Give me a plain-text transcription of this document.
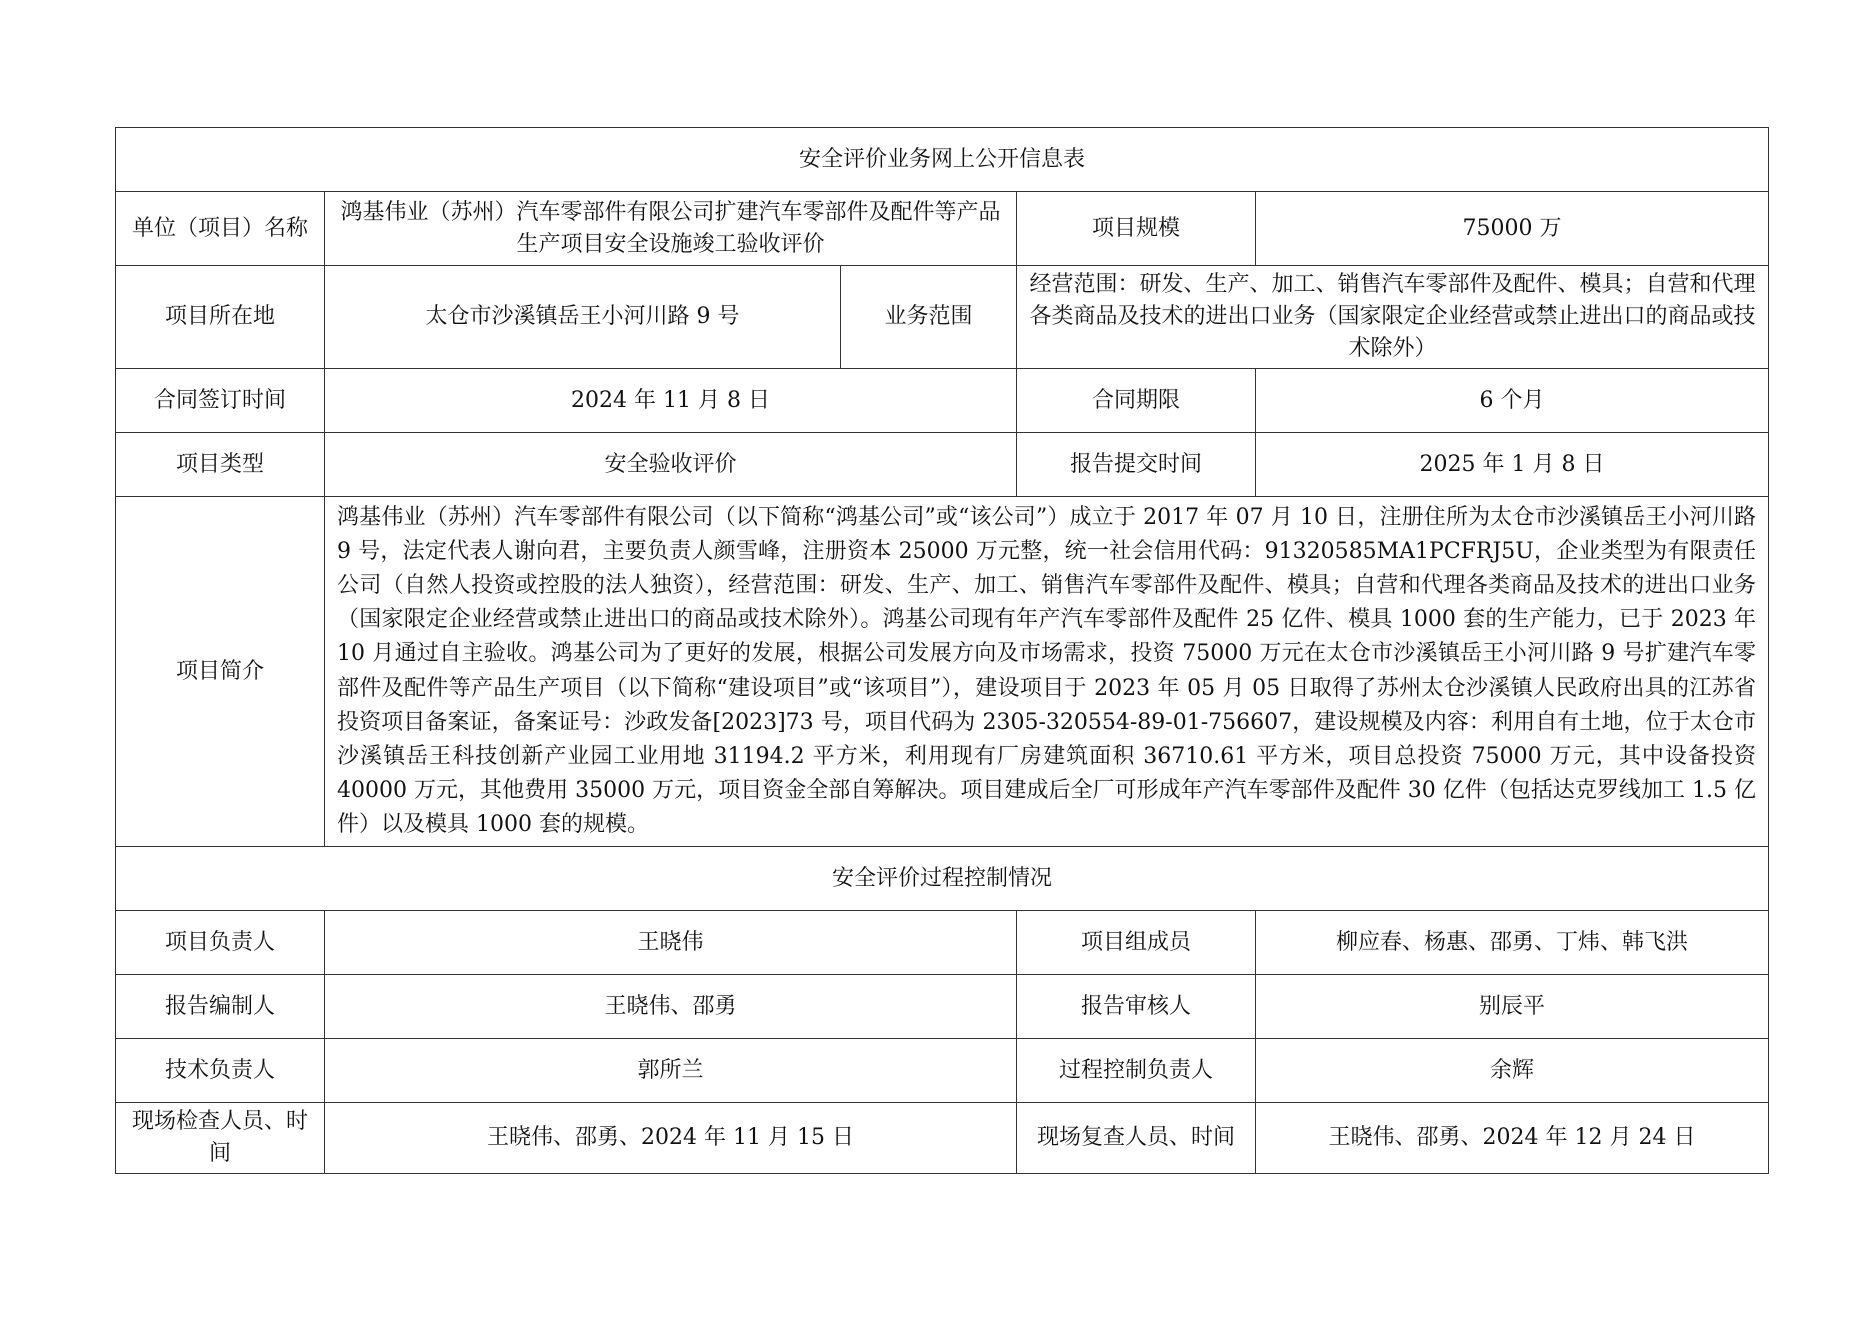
安全评价业务网上公开信息表				
单位（项目）名称	鸿基伟业（苏州）汽车零部件有限公司扩建汽车零部件及配件等产品生产项目安全设施竣工验收评价		项目规模	75000 万
项目所在地	太仓市沙溪镇岳王小河川路 9 号	业务范围	经营范围：研发、生产、加工、销售汽车零部件及配件、模具；自营和代理各类商品及技术的进出口业务（国家限定企业经营或禁止进出口的商品或技术除外）	
合同签订时间	2024 年 11 月 8 日		合同期限	6 个月
项目类型	安全验收评价		报告提交时间	2025 年 1 月 8 日
项目简介	鸿基伟业（苏州）汽车零部件有限公司（以下简称“鸿基公司”或“该公司”）成立于 2017 年 07 月 10 日，注册住所为太仓市沙溪镇岳王小河川路 9 号，法定代表人谢向君，主要负责人颜雪峰，注册资本 25000 万元整，统一社会信用代码：91320585MA1PCFRJ5U，企业类型为有限责任公司（自然人投资或控股的法人独资），经营范围：研发、生产、加工、销售汽车零部件及配件、模具；自营和代理各类商品及技术的进出口业务（国家限定企业经营或禁止进出口的商品或技术除外）。鸿基公司现有年产汽车零部件及配件 25 亿件、模具 1000 套的生产能力，已于 2023 年 10 月通过自主验收。鸿基公司为了更好的发展，根据公司发展方向及市场需求，投资 75000 万元在太仓市沙溪镇岳王小河川路 9 号扩建汽车零部件及配件等产品生产项目（以下简称“建设项目”或“该项目”），建设项目于 2023 年 05 月 05 日取得了苏州太仓沙溪镇人民政府出具的江苏省投资项目备案证，备案证号：沙政发备[2023]73 号，项目代码为 2305-320554-89-01-756607，建设规模及内容：利用自有土地，位于太仓市沙溪镇岳王科技创新产业园工业用地 31194.2 平方米，利用现有厂房建筑面积 36710.61 平方米，项目总投资 75000 万元，其中设备投资 40000 万元，其他费用 35000 万元，项目资金全部自筹解决。项目建成后全厂可形成年产汽车零部件及配件 30 亿件（包括达克罗线加工 1.5 亿件）以及模具 1000 套的规模。			
安全评价过程控制情况				
项目负责人	王晓伟		项目组成员	柳应春、杨惠、邵勇、丁炜、韩飞洪
报告编制人	王晓伟、邵勇		报告审核人	别辰平
技术负责人	郭所兰		过程控制负责人	余辉
现场检查人员、时间	王晓伟、邵勇、2024 年 11 月 15 日		现场复查人员、时间	王晓伟、邵勇、2024 年 12 月 24 日
